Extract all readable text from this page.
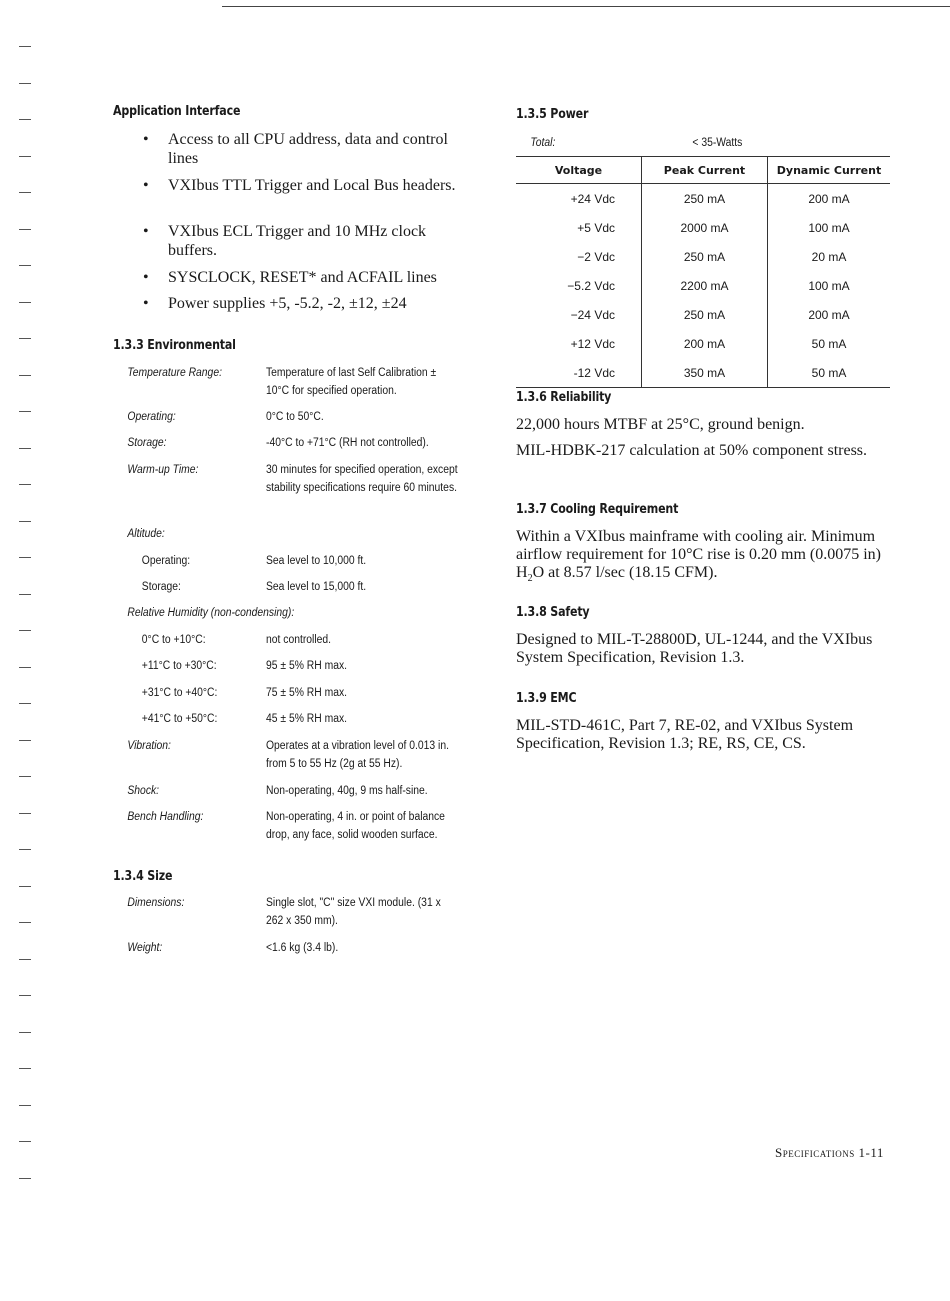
Application Interface
• Access to all CPU address, data and control lines
• VXIbus TTL Trigger and Local Bus headers.
• VXIbus ECL Trigger and 10 MHz clock buffers.
• SYSCLOCK, RESET* and ACFAIL lines
• Power supplies +5, -5.2, -2, ±12, ±24
1.3.3 Environmental
Temperature Range:	Temperature of last Self Calibration ± 10°C for specified operation.
Operating:	0°C to 50°C.
Storage:	-40°C to +71°C (RH not controlled).
Warm-up Time:	30 minutes for specified operation, except stability specifications require 60 minutes.
Altitude:
Operating:	Sea level to 10,000 ft.
Storage:	Sea level to 15,000 ft.
Relative Humidity (non-condensing):
0°C to +10°C:	not controlled.
+11°C to +30°C:	95 ± 5% RH max.
+31°C to +40°C:	75 ± 5% RH max.
+41°C to +50°C:	45 ± 5% RH max.
Vibration:	Operates at a vibration level of 0.013 in. from 5 to 55 Hz (2g at 55 Hz).
Shock:	Non-operating, 40g, 9 ms half-sine.
Bench Handling:	Non-operating, 4 in. or point of balance drop, any face, solid wooden surface.
1.3.4 Size
Dimensions:	Single slot, "C" size VXI module. (31 x 262 x 350 mm).
Weight:	<1.6 kg (3.4 lb).
1.3.5 Power
Total:	< 35-Watts
Voltage	Peak Current	Dynamic Current
+24 Vdc	250 mA	200 mA
+5 Vdc	2000 mA	100 mA
−2 Vdc	250 mA	20 mA
−5.2 Vdc	2200 mA	100 mA
−24 Vdc	250 mA	200 mA
+12 Vdc	200 mA	50 mA
-12 Vdc	350 mA	50 mA
1.3.6 Reliability
22,000 hours MTBF at 25°C, ground benign.
MIL-HDBK-217 calculation at 50% component stress.
1.3.7 Cooling Requirement
Within a VXIbus mainframe with cooling air. Minimum airflow requirement for 10°C rise is 0.20 mm (0.0075 in) $H_2O$ at 8.57 l/sec (18.15 CFM).
1.3.8 Safety
Designed to MIL-T-28800D, UL-1244, and the VXIbus System Specification, Revision 1.3.
1.3.9 EMC
MIL-STD-461C, Part 7, RE-02, and VXIbus System Specification, Revision 1.3; RE, RS, CE, CS.
Specifications 1-11
